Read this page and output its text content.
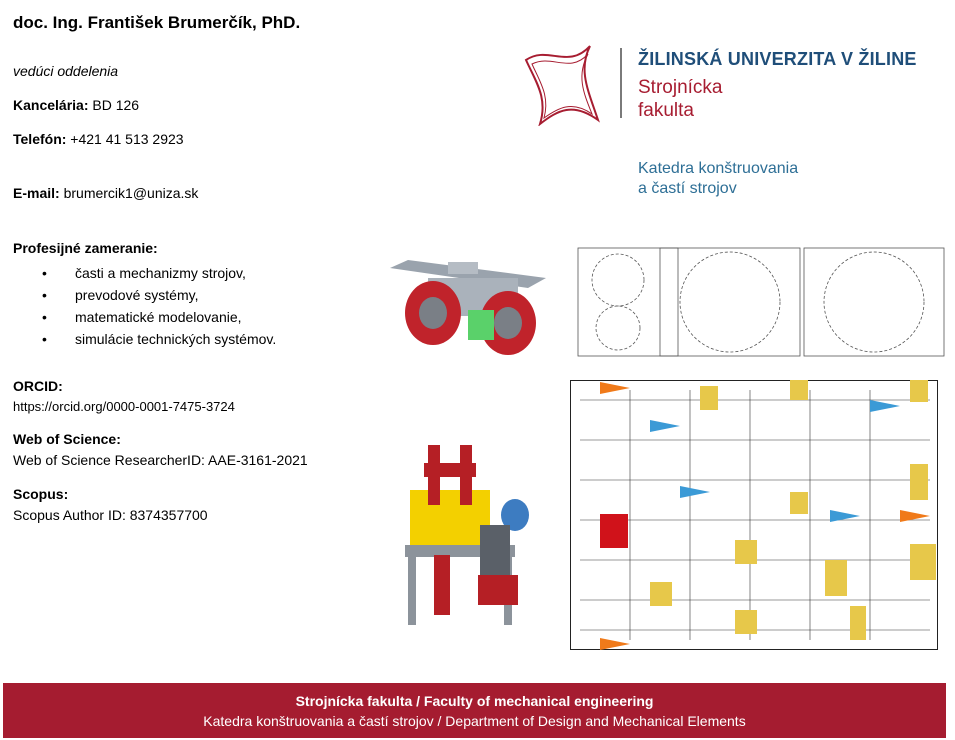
doc. Ing. František Brumerčík, PhD.
vedúci oddelenia
Kancelária: BD 126
Telefón: +421 41 513 2923
E-mail: brumercik1@uniza.sk
Profesijné zameranie:
• časti a mechanizmy strojov,
• prevodové systémy,
• matematické modelovanie,
• simulácie technických systémov.
ORCID:
https://orcid.org/0000-0001-7475-3724
Web of Science:
Web of Science ResearcherID: AAE-3161-2021
Scopus:
Scopus Author ID: 8374357700
ŽILINSKÁ UNIVERZITA V ŽILINE
Strojnícka
fakulta
Katedra konštruovania
a častí strojov
Strojnícka fakulta / Faculty of mechanical engineering
Katedra konštruovania a častí strojov / Department of Design and Mechanical Elements
